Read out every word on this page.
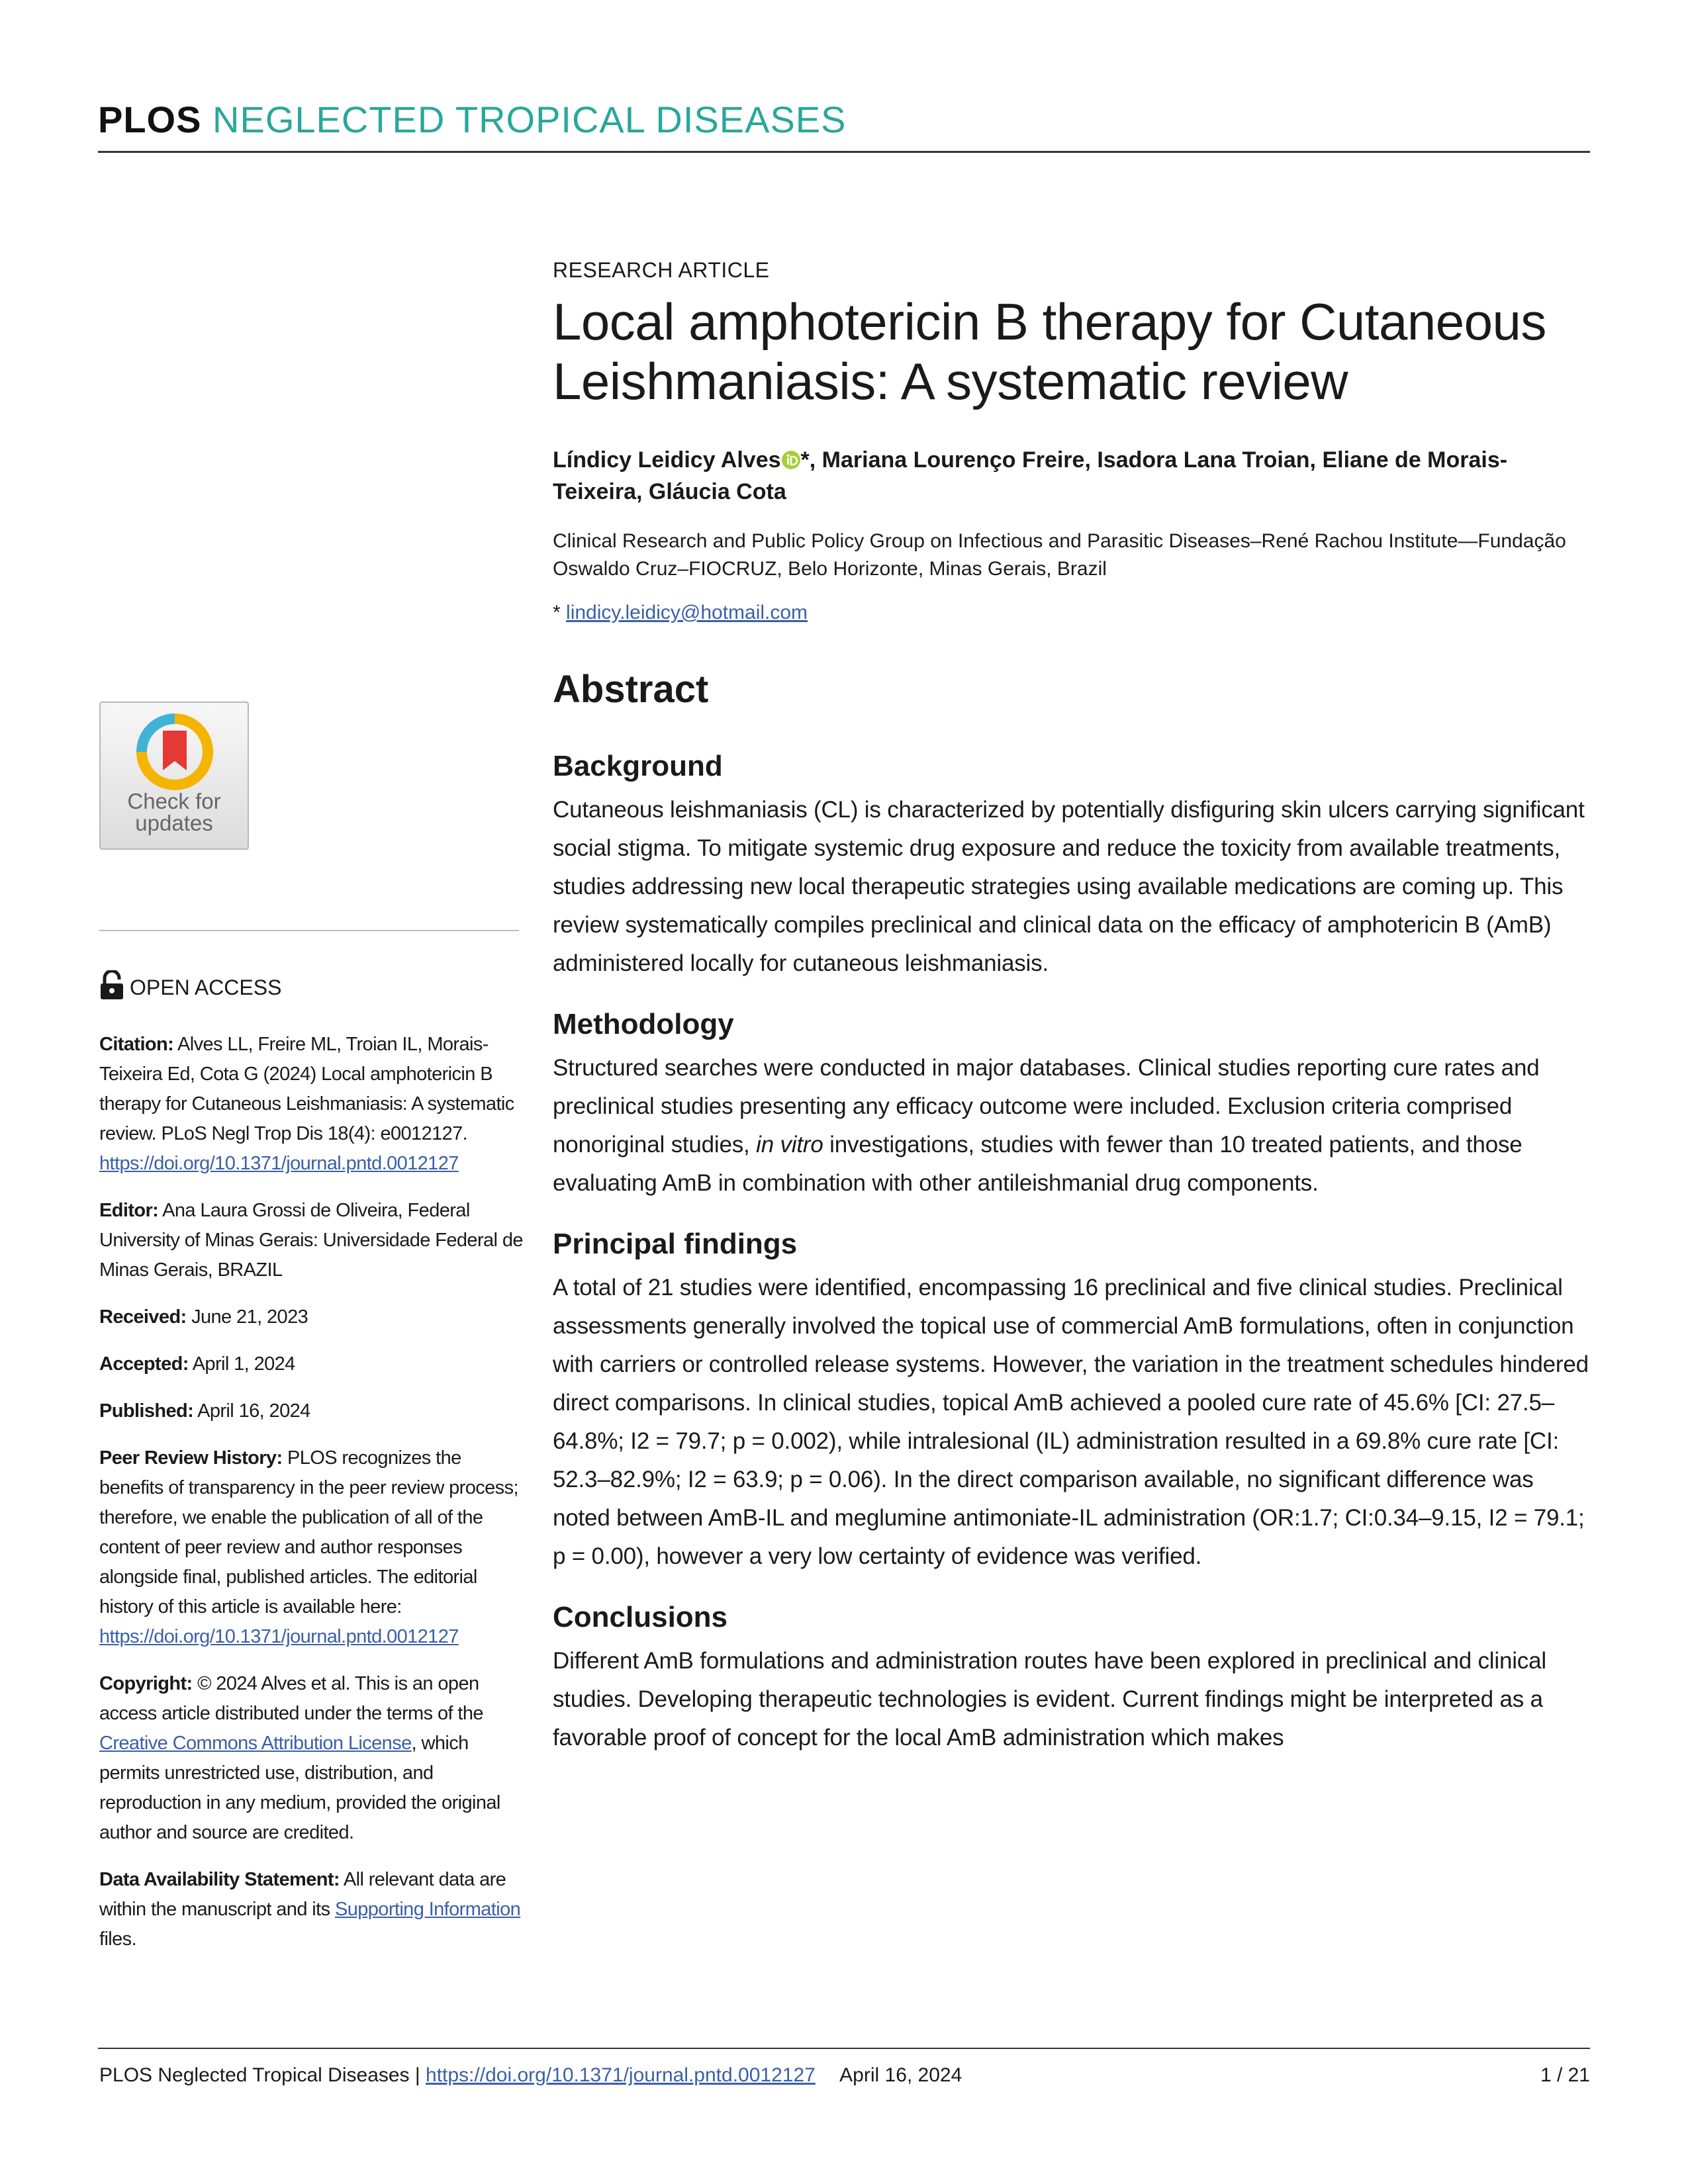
PLOS NEGLECTED TROPICAL DISEASES
Check for updates
OPEN ACCESS
Citation: Alves LL, Freire ML, Troian IL, Morais-Teixeira Ed, Cota G (2024) Local amphotericin B therapy for Cutaneous Leishmaniasis: A systematic review. PLoS Negl Trop Dis 18(4): e0012127. https://doi.org/10.1371/journal.pntd.0012127
Editor: Ana Laura Grossi de Oliveira, Federal University of Minas Gerais: Universidade Federal de Minas Gerais, BRAZIL
Received: June 21, 2023
Accepted: April 1, 2024
Published: April 16, 2024
Peer Review History: PLOS recognizes the benefits of transparency in the peer review process; therefore, we enable the publication of all of the content of peer review and author responses alongside final, published articles. The editorial history of this article is available here: https://doi.org/10.1371/journal.pntd.0012127
Copyright: © 2024 Alves et al. This is an open access article distributed under the terms of the Creative Commons Attribution License, which permits unrestricted use, distribution, and reproduction in any medium, provided the original author and source are credited.
Data Availability Statement: All relevant data are within the manuscript and its Supporting Information files.
RESEARCH ARTICLE
Local amphotericin B therapy for Cutaneous Leishmaniasis: A systematic review
Líndicy Leidicy Alves *, Mariana Lourenço Freire, Isadora Lana Troian, Eliane de Morais-Teixeira, Gláucia Cota
Clinical Research and Public Policy Group on Infectious and Parasitic Diseases–René Rachou Institute—Fundação Oswaldo Cruz–FIOCRUZ, Belo Horizonte, Minas Gerais, Brazil
* lindicy.leidicy@hotmail.com
Abstract
Background

Cutaneous leishmaniasis (CL) is characterized by potentially disfiguring skin ulcers carrying significant social stigma. To mitigate systemic drug exposure and reduce the toxicity from available treatments, studies addressing new local therapeutic strategies using available medications are coming up. This review systematically compiles preclinical and clinical data on the efficacy of amphotericin B (AmB) administered locally for cutaneous leishmaniasis.

Methodology

Structured searches were conducted in major databases. Clinical studies reporting cure rates and preclinical studies presenting any efficacy outcome were included. Exclusion criteria comprised nonoriginal studies, in vitro investigations, studies with fewer than 10 treated patients, and those evaluating AmB in combination with other antileishmanial drug components.

Principal findings

A total of 21 studies were identified, encompassing 16 preclinical and five clinical studies. Preclinical assessments generally involved the topical use of commercial AmB formulations, often in conjunction with carriers or controlled release systems. However, the variation in the treatment schedules hindered direct comparisons. In clinical studies, topical AmB achieved a pooled cure rate of 45.6% [CI: 27.5–64.8%; I2 = 79.7; p = 0.002), while intralesional (IL) administration resulted in a 69.8% cure rate [CI: 52.3–82.9%; I2 = 63.9; p = 0.06). In the direct comparison available, no significant difference was noted between AmB-IL and meglumine antimoniate-IL administration (OR:1.7; CI:0.34–9.15, I2 = 79.1; p = 0.00), however a very low certainty of evidence was verified.

Conclusions

Different AmB formulations and administration routes have been explored in preclinical and clinical studies. Developing therapeutic technologies is evident. Current findings might be interpreted as a favorable proof of concept for the local AmB administration which makes

PLOS Neglected Tropical Diseases | https://doi.org/10.1371/journal.pntd.0012127 April 16, 2024	1 / 21
